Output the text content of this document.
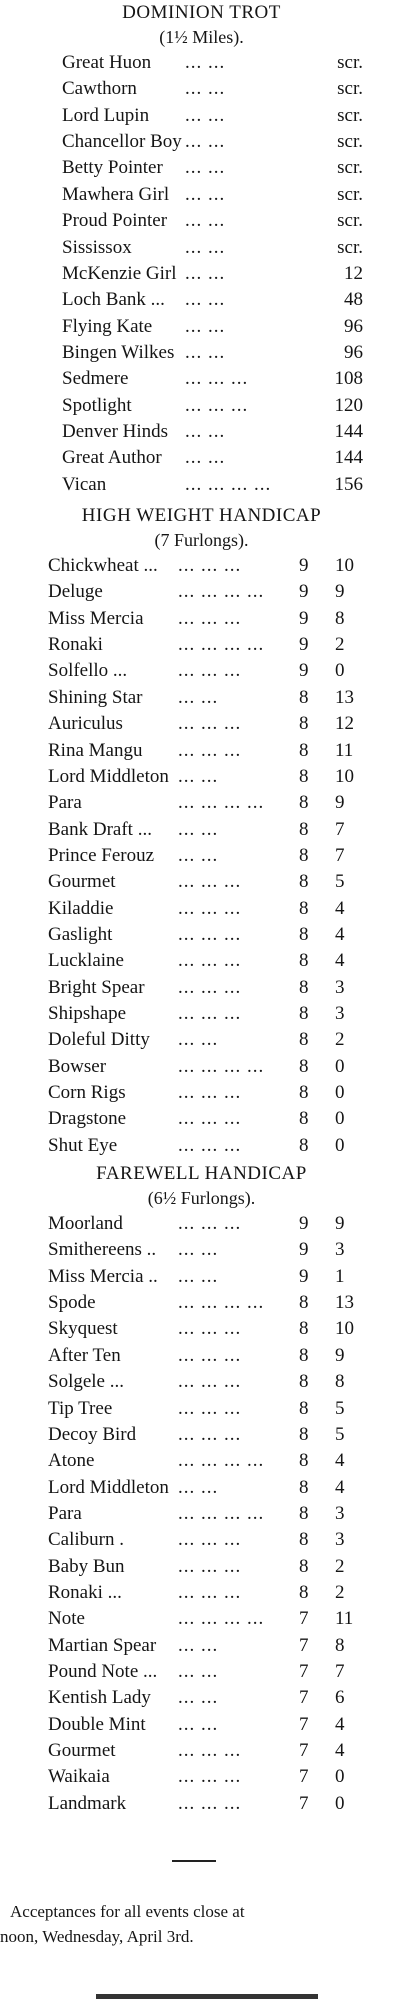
DOMINION TROT
(1½ Miles).
Great Huon ... ...	scr.
Cawthorn	... ...	scr.
Lord Lupin ... ...	scr.
Chancellor Boy ... ...	scr.
Betty Pointer ... ...	scr.
Mawhera Girl ... ...	scr.
Proud Pointer ... ...	scr.
Sississox	... ...	scr.
McKenzie Girl ... ...	12
Loch Bank ... ... ...	48
Flying Kate ... ...	96
Bingen Wilkes ... ...	96
Sedmere	... ... ...	108
Spotlight	... ... ...	120
Denver Hinds ... ...	144
Great Author ... ...	144
Vican	... ... ... ...	156
HIGH WEIGHT HANDICAP
(7 Furlongs).
Chickwheat ... ... ... ...	9 10
Deluge	... ... ... ... 9 9
Miss Mercia ... ... ...	9 8
Ronaki	... ... ... ... 9 2
Solfello ...	... ... ...	9 0
Shining Star ... ...	8 13
Auriculus	... ... ...	8 12
Rina Mangu ... ... ...	8 11
Lord Middleton ... ...	8 10
Para	... ... ... ... 8 9
Bank Draft ... ... ...	8 7
Prince Ferouz ... ...	8 7
Gourmet	... ... ...	8 5
Kiladdie	... ... ...	8 4
Gaslight	... ... ...	8 4
Lucklaine	... ... ...	8 4
Bright Spear ... ... ...	8 3
Shipshape	... ... ...	8 3
Doleful Ditty ... ...	8 2
Bowser	... ... ... ... 8 0
Corn Rigs	... ... ...	8 0
Dragstone	... ... ...	8 0
Shut Eye	... ... ...	8 0
FAREWELL HANDICAP
(6½ Furlongs).
Moorland	... ... ...	9 9
Smithereens .. ... ...	9 3
Miss Mercia .. ... ...	9 1
Spode	... ... ... ... 8 13
Skyquest	... ... ...	8 10
After Ten	... ... ...	8 9
Solgele ...	... ... ...	8 8
Tip Tree	... ... ...	8 5
Decoy Bird ... ... ...	8 5
Atone	... ... ... ... 8 4
Lord Middleton ... ...	8 4
Para	... ... ... ... 8 3
Caliburn .	... ... ...	8 3
Baby Bun	... ... ...	8 2
Ronaki ...	... ... ...	8 2
Note	... ... ... ... 7 11
Martian Spear ... ...	7 8
Pound Note ... ... ...	7 7
Kentish Lady ... ...	7 6
Double Mint ... ...	7 4
Gourmet	... ... ...	7 4
Waikaia	... ... ...	7 0
Landmark	... ... ...	7 0
Acceptances for all events close at
noon, Wednesday, April 3rd.
